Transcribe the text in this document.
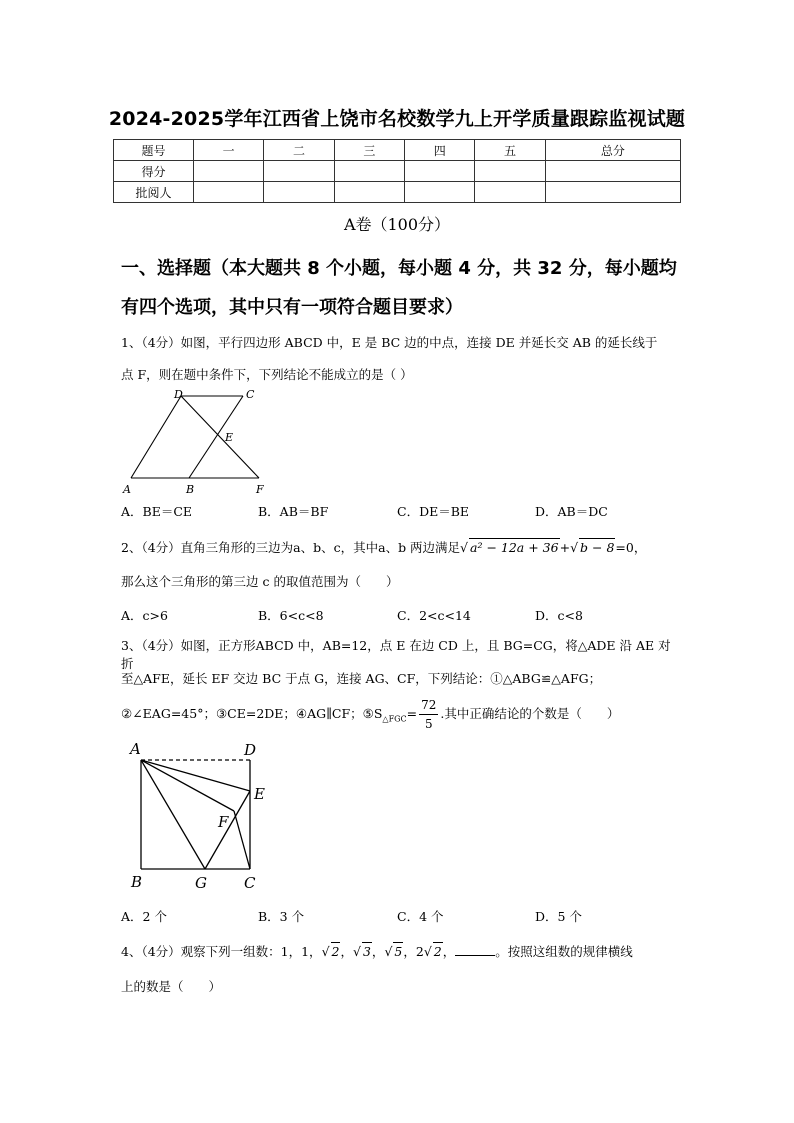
2024-2025学年江西省上饶市名校数学九上开学质量跟踪监视试题
题号	一	二	三	四	五	总分
得分						
批阅人						
A卷（100分）
一、选择题（本大题共 8 个小题，每小题 4 分，共 32 分，每小题均
有四个选项，其中只有一项符合题目要求）
1、（4分）如图，平行四边形 ABCD 中，E 是 BC 边的中点，连接 DE 并延长交 AB 的延长线于
点 F，则在题中条件下，下列结论不能成立的是（ ）
D	C
E
A	B	F
A．BE＝CE	B．AB＝BF	C．DE＝BE	D．AB＝DC
2、（4分）直角三角形的三边为a、b、c，其中a、b 两边满足√ a² − 12a + 36+√ b − 8=0，
那么这个三角形的第三边 c 的取值范围为（　　）
A．c>6	B．6<c<8	C．2<c<14	D．c<8
3、（4分）如图，正方形ABCD 中，AB=12，点 E 在边 CD 上，且 BG=CG，将△ADE 沿 AE 对折
至△AFE，延长 EF 交边 BC 于点 G，连接 AG、CF，下列结论：①△ABG≌△AFG；
②∠EAG=45°；③CE=2DE；④AG∥CF；$⑤S_{\triangle FGC}= \frac{72}{5}$ .其中正确结论的个数是（　　）
A	D
E
F
B	G C
A．2 个	B．3 个	C．4 个	D．5 个
4、（4分）观察下列一组数：1，1，√ 2，√ 3，√ 5，2√ 2，	。按照这组数的规律横线
上的数是（　　）
